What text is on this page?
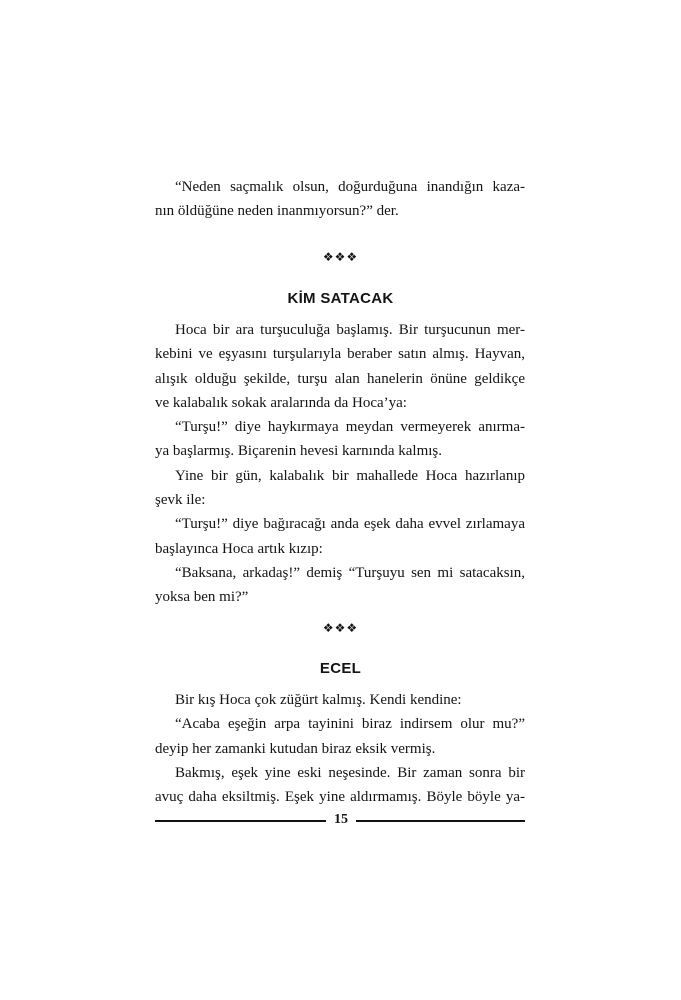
“Neden saçmalık olsun, doğurduğuna inandığın kaza-
nın öldüğüne neden inanmıyorsun?” der.
❖❖❖
KİM SATACAK
Hoca bir ara turşuculuğa başlamış. Bir turşucunun mer-
kebini ve eşyasını turşularıyla beraber satın almış. Hayvan,
alışık olduğu şekilde, turşu alan hanelerin önüne geldikçe
ve kalabalık sokak aralarında da Hoca’ya:
“Turşu!” diye haykırmaya meydan vermeyerek anırma-
ya başlarmış. Biçarenin hevesi karnında kalmış.
Yine bir gün, kalabalık bir mahallede Hoca hazırlanıp
şevk ile:
“Turşu!” diye bağıracağı anda eşek daha evvel zırlamaya
başlayınca Hoca artık kızıp:
“Baksana, arkadaş!” demiş “Turşuyu sen mi satacaksın,
yoksa ben mi?”
❖❖❖
ECEL
Bir kış Hoca çok züğürt kalmış. Kendi kendine:
“Acaba eşeğin arpa tayinini biraz indirsem olur mu?”
deyip her zamanki kutudan biraz eksik vermiş.
Bakmış, eşek yine eski neşesinde. Bir zaman sonra bir
avuç daha eksiltmiş. Eşek yine aldırmamış. Böyle böyle ya-
15
